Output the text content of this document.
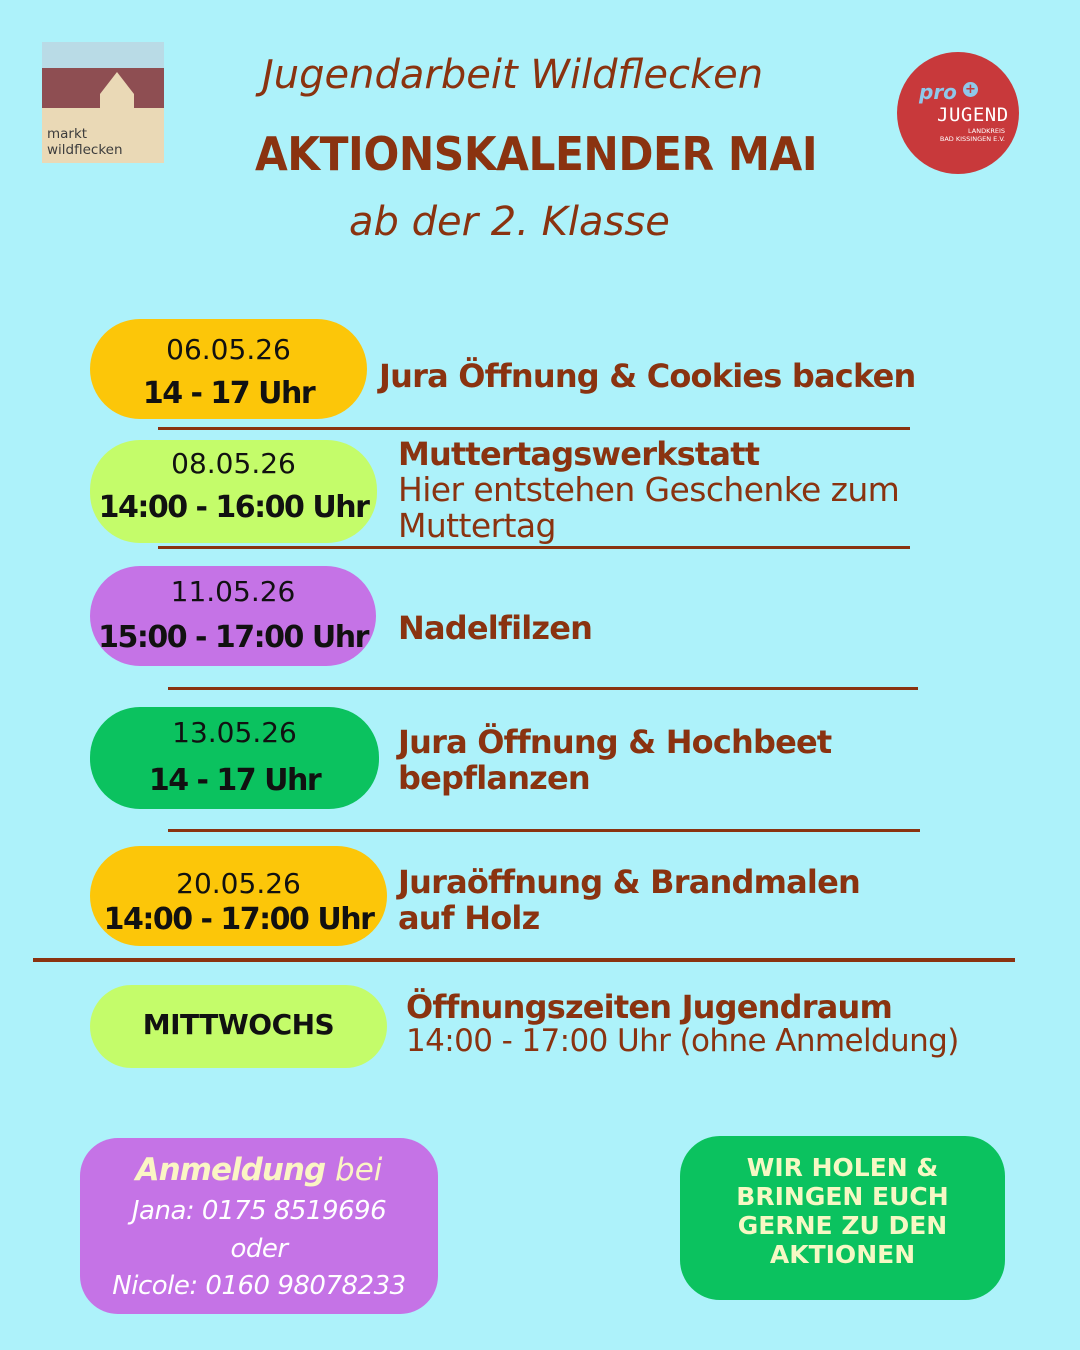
markt
wildflecken
pro +
JUGEND
LANDKREIS
BAD KISSINGEN E.V.
Jugendarbeit Wildflecken
AKTIONSKALENDER MAI
ab der 2. Klasse
06.05.26
14 - 17 Uhr	Jura Öffnung & Cookies backen
08.05.26
14:00 - 16:00 Uhr
Muttertagswerkstatt
Hier entstehen Geschenke zum
Muttertag
11.05.26
15:00 - 17:00 Uhr Nadelfilzen
13.05.26
14 - 17 Uhr
Jura Öffnung & Hochbeet
bepflanzen
20.05.26
14:00 - 17:00 Uhr
Juraöffnung & Brandmalen
auf Holz
MITTWOCHS	Öffnungszeiten Jugendraum
14:00 - 17:00 Uhr (ohne Anmeldung)
Anmeldung bei
Jana: 0175 8519696
oder
Nicole: 0160 98078233
WIR HOLEN &
BRINGEN EUCH
GERNE ZU DEN
AKTIONEN
